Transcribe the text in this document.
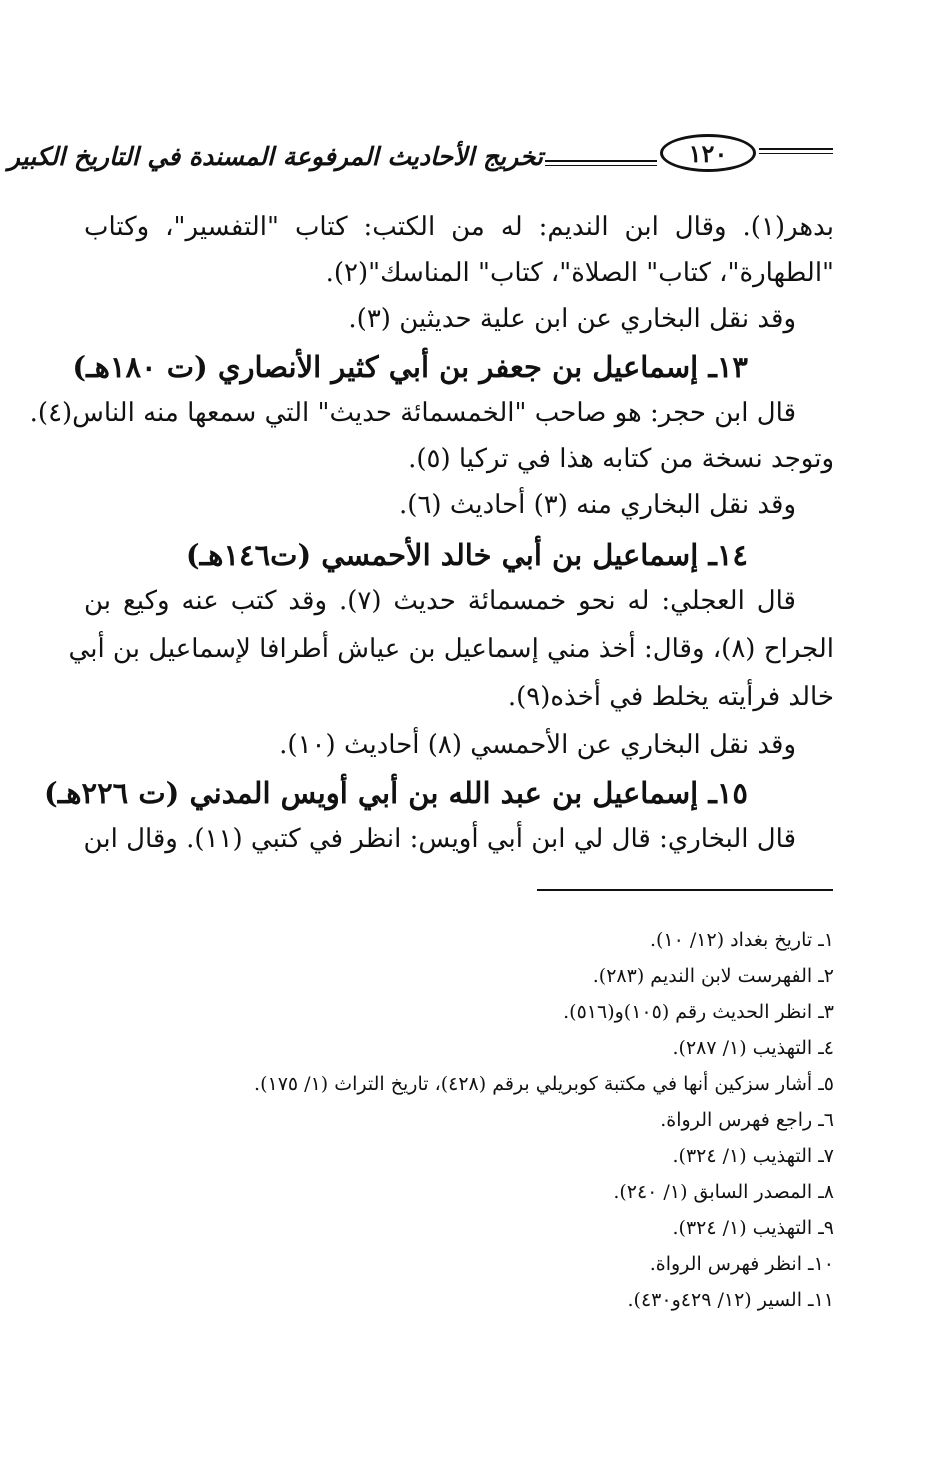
١٢٠
تخريج الأحاديث المرفوعة المسندة في التاريخ الكبير
بدهر(١). وقال ابن النديم: له من الكتب: كتاب "التفسير"، وكتاب
"الطهارة"، كتاب" الصلاة"، كتاب" المناسك"(٢).
وقد نقل البخاري عن ابن علية حديثين (٣).
١٣ـ إسماعيل بن جعفر بن أبي كثير الأنصاري (ت ١٨٠هـ)
قال ابن حجر: هو صاحب "الخمسمائة حديث" التي سمعها منه الناس(٤).
وتوجد نسخة من كتابه هذا في تركيا (٥).
وقد نقل البخاري منه (٣) أحاديث (٦).
١٤ـ إسماعيل بن أبي خالد الأحمسي (ت١٤٦هـ)
قال العجلي: له نحو خمسمائة حديث (٧). وقد كتب عنه وكيع بن
الجراح (٨)، وقال: أخذ مني إسماعيل بن عياش أطرافا لإسماعيل بن أبي
خالد فرأيته يخلط في أخذه(٩).
وقد نقل البخاري عن الأحمسي (٨) أحاديث (١٠).
١٥ـ إسماعيل بن عبد الله بن أبي أويس المدني (ت ٢٢٦هـ)
قال البخاري: قال لي ابن أبي أويس: انظر في كتبي (١١). وقال ابن
١ـ تاريخ بغداد (١٢/ ١٠).
٢ـ الفهرست لابن النديم (٢٨٣).
٣ـ انظر الحديث رقم (١٠٥)و(٥١٦).
٤ـ التهذيب (١/ ٢٨٧).
٥ـ أشار سزكين أنها في مكتبة كوبريلي برقم (٤٢٨)، تاريخ التراث (١/ ١٧٥).
٦ـ راجع فهرس الرواة.
٧ـ التهذيب (١/ ٣٢٤).
٨ـ المصدر السابق (١/ ٢٤٠).
٩ـ التهذيب (١/ ٣٢٤).
١٠ـ انظر فهرس الرواة.
١١ـ السير (١٢/ ٤٢٩و٤٣٠).
